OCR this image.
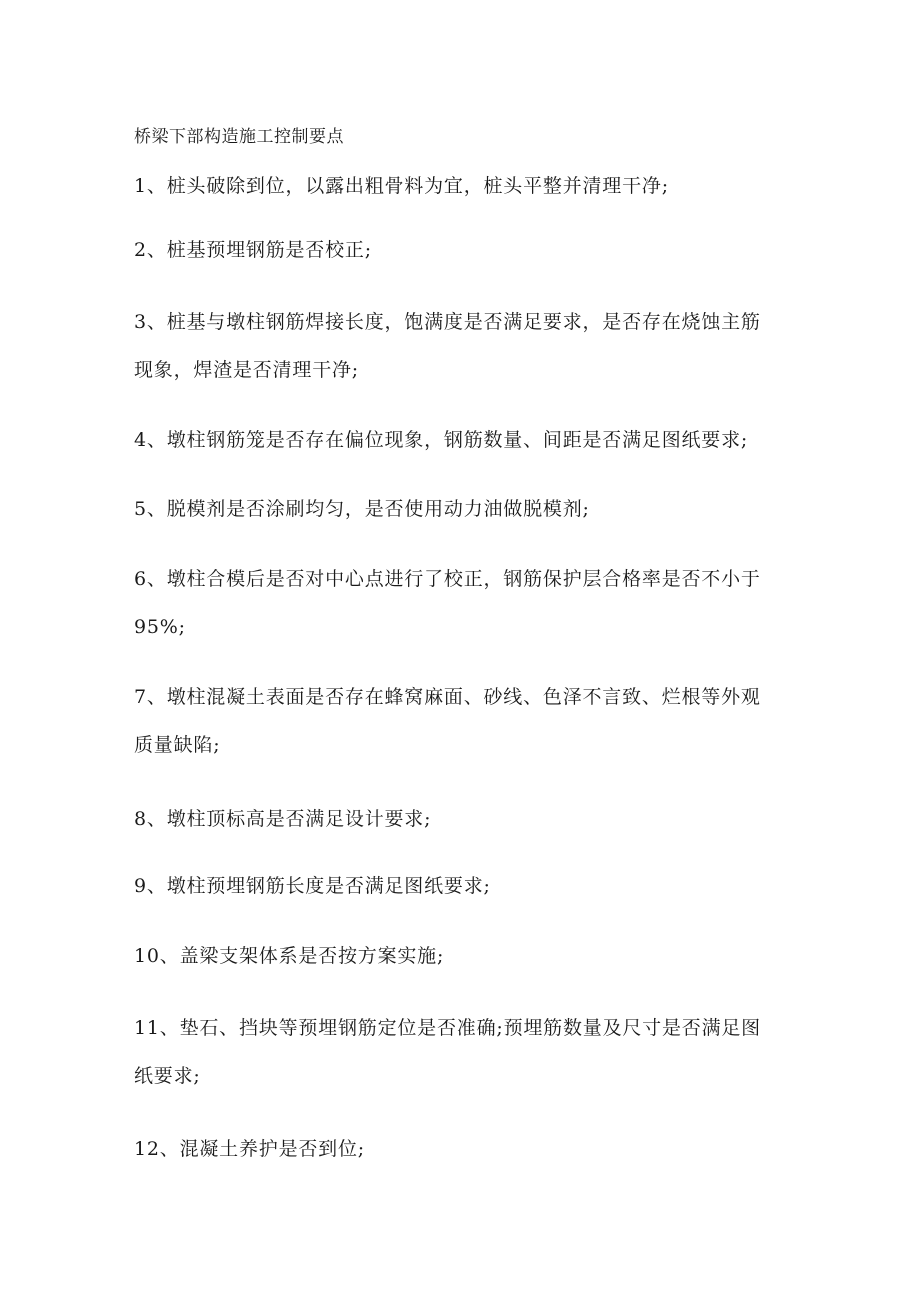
桥梁下部构造施工控制要点
1、桩头破除到位，以露出粗骨料为宜，桩头平整并清理干净;
2、桩基预埋钢筋是否校正;
3、桩基与墩柱钢筋焊接长度，饱满度是否满足要求，是否存在烧蚀主筋
现象，焊渣是否清理干净;
4、墩柱钢筋笼是否存在偏位现象，钢筋数量、间距是否满足图纸要求;
5、脱模剂是否涂刷均匀，是否使用动力油做脱模剂;
6、墩柱合模后是否对中心点进行了校正，钢筋保护层合格率是否不小于
95%;
7、墩柱混凝土表面是否存在蜂窝麻面、砂线、色泽不言致、烂根等外观
质量缺陷;
8、墩柱顶标高是否满足设计要求;
9、墩柱预埋钢筋长度是否满足图纸要求;
10、盖梁支架体系是否按方案实施;
11、垫石、挡块等预埋钢筋定位是否准确;预埋筋数量及尺寸是否满足图
纸要求;
12、混凝土养护是否到位;
